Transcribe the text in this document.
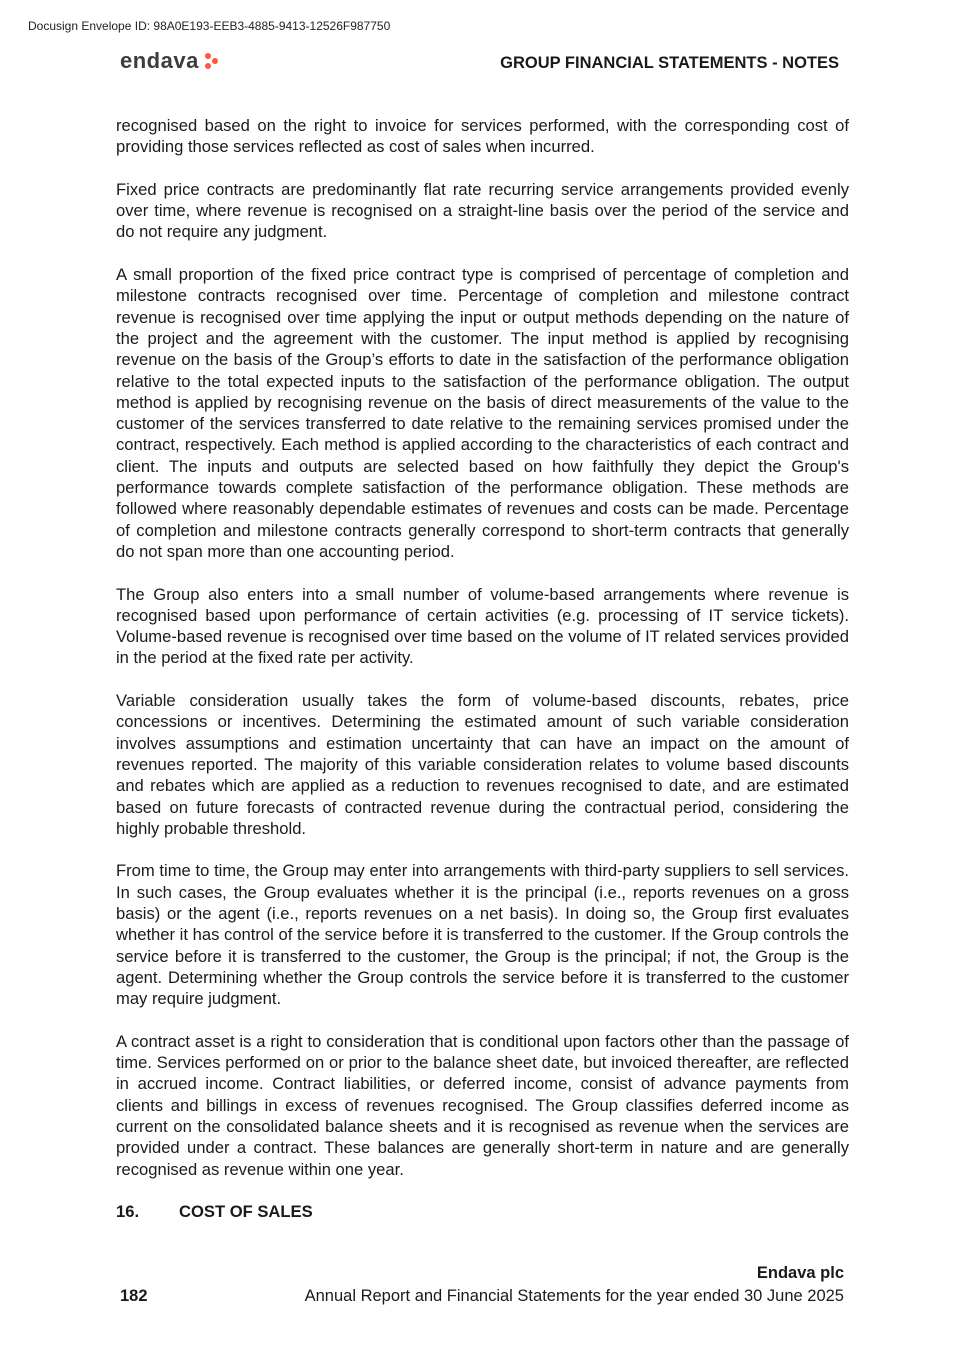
Docusign Envelope ID: 98A0E193-EEB3-4885-9413-12526F987750
endava	GROUP FINANCIAL STATEMENTS - NOTES

recognised based on the right to invoice for services performed, with the corresponding cost of providing those services reflected as cost of sales when incurred.

Fixed price contracts are predominantly flat rate recurring service arrangements provided evenly over time, where revenue is recognised on a straight-line basis over the period of the service and do not require any judgment.

A small proportion of the fixed price contract type is comprised of percentage of completion and milestone contracts recognised over time. Percentage of completion and milestone contract revenue is recognised over time applying the input or output methods depending on the nature of the project and the agreement with the customer. The input method is applied by recognising revenue on the basis of the Group’s efforts to date in the satisfaction of the performance obligation relative to the total expected inputs to the satisfaction of the performance obligation. The output method is applied by recognising revenue on the basis of direct measurements of the value to the customer of the services transferred to date relative to the remaining services promised under the contract, respectively. Each method is applied according to the characteristics of each contract and client. The inputs and outputs are selected based on how faithfully they depict the Group's performance towards complete satisfaction of the performance obligation. These methods are followed where reasonably dependable estimates of revenues and costs can be made. Percentage of completion and milestone contracts generally correspond to short-term contracts that generally do not span more than one accounting period.

The Group also enters into a small number of volume-based arrangements where revenue is recognised based upon performance of certain activities (e.g. processing of IT service tickets). Volume-based revenue is recognised over time based on the volume of IT related services provided in the period at the fixed rate per activity.

Variable consideration usually takes the form of volume-based discounts, rebates, price concessions or incentives. Determining the estimated amount of such variable consideration involves assumptions and estimation uncertainty that can have an impact on the amount of revenues reported. The majority of this variable consideration relates to volume based discounts and rebates which are applied as a reduction to revenues recognised to date, and are estimated based on future forecasts of contracted revenue during the contractual period, considering the highly probable threshold.

From time to time, the Group may enter into arrangements with third-party suppliers to sell services. In such cases, the Group evaluates whether it is the principal (i.e., reports revenues on a gross basis) or the agent (i.e., reports revenues on a net basis). In doing so, the Group first evaluates whether it has control of the service before it is transferred to the customer. If the Group controls the service before it is transferred to the customer, the Group is the principal; if not, the Group is the agent. Determining whether the Group controls the service before it is transferred to the customer may require judgment.

A contract asset is a right to consideration that is conditional upon factors other than the passage of time. Services performed on or prior to the balance sheet date, but invoiced thereafter, are reflected in accrued income. Contract liabilities, or deferred income, consist of advance payments from clients and billings in excess of revenues recognised. The Group classifies deferred income as current on the consolidated balance sheets and it is recognised as revenue when the services are provided under a contract. These balances are generally short-term in nature and are generally recognised as revenue within one year.

16.	COST OF SALES
Endava plc
182	Annual Report and Financial Statements for the year ended 30 June 2025
